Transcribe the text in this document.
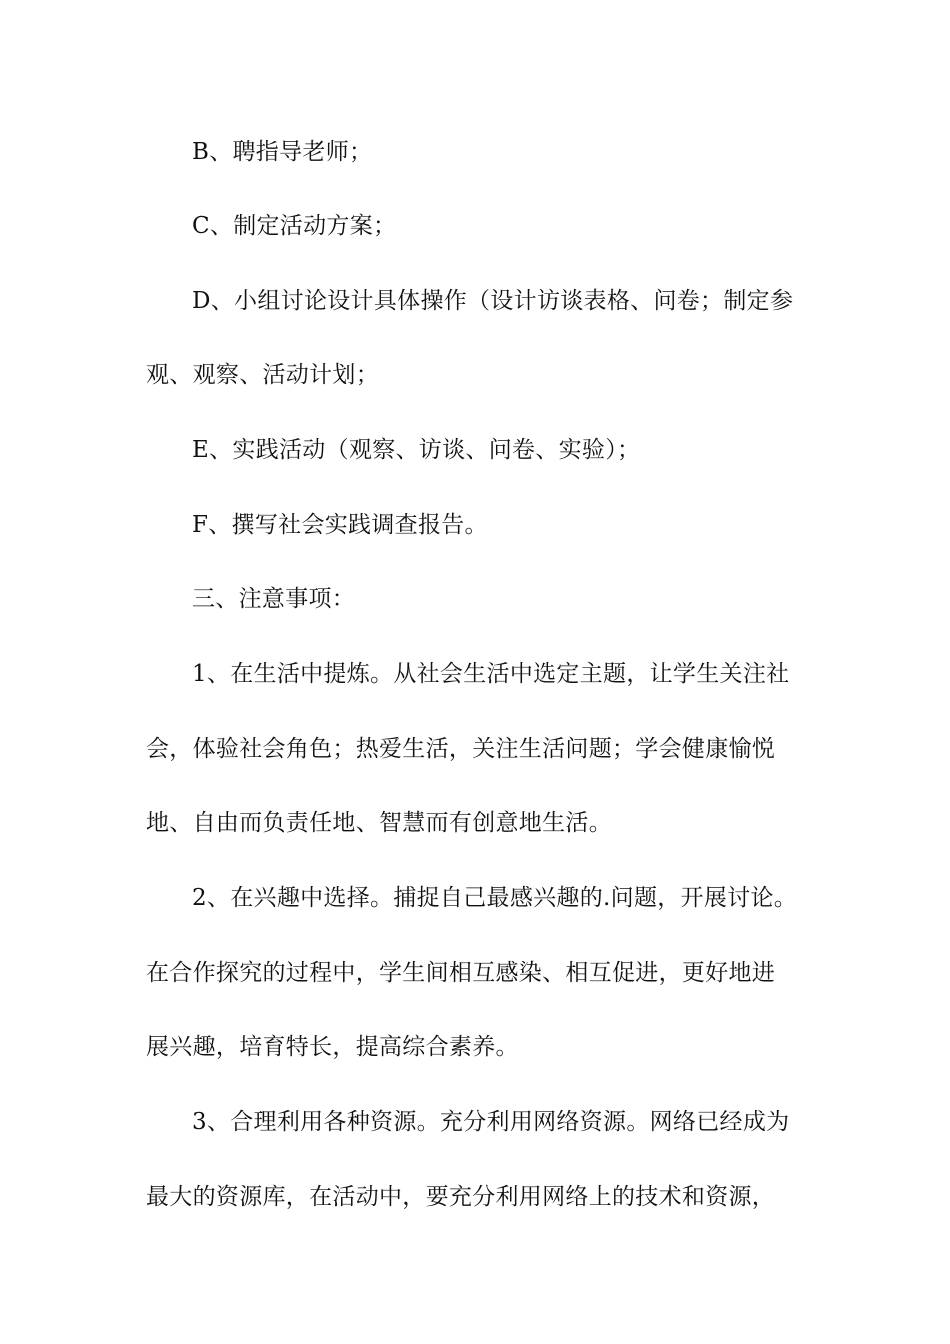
B、聘指导老师；
C、制定活动方案；
D、小组讨论设计具体操作（设计访谈表格、问卷；制定参
观、观察、活动计划；
E、实践活动（观察、访谈、问卷、实验）；
F、撰写社会实践调查报告。
三、注意事项：
1、在生活中提炼。从社会生活中选定主题，让学生关注社
会，体验社会角色；热爱生活，关注生活问题；学会健康愉悦
地、自由而负责任地、智慧而有创意地生活。
2、在兴趣中选择。捕捉自己最感兴趣的.问题，开展讨论。
在合作探究的过程中，学生间相互感染、相互促进，更好地进
展兴趣，培育特长，提高综合素养。
3、合理利用各种资源。充分利用网络资源。网络已经成为
最大的资源库，在活动中，要充分利用网络上的技术和资源，
